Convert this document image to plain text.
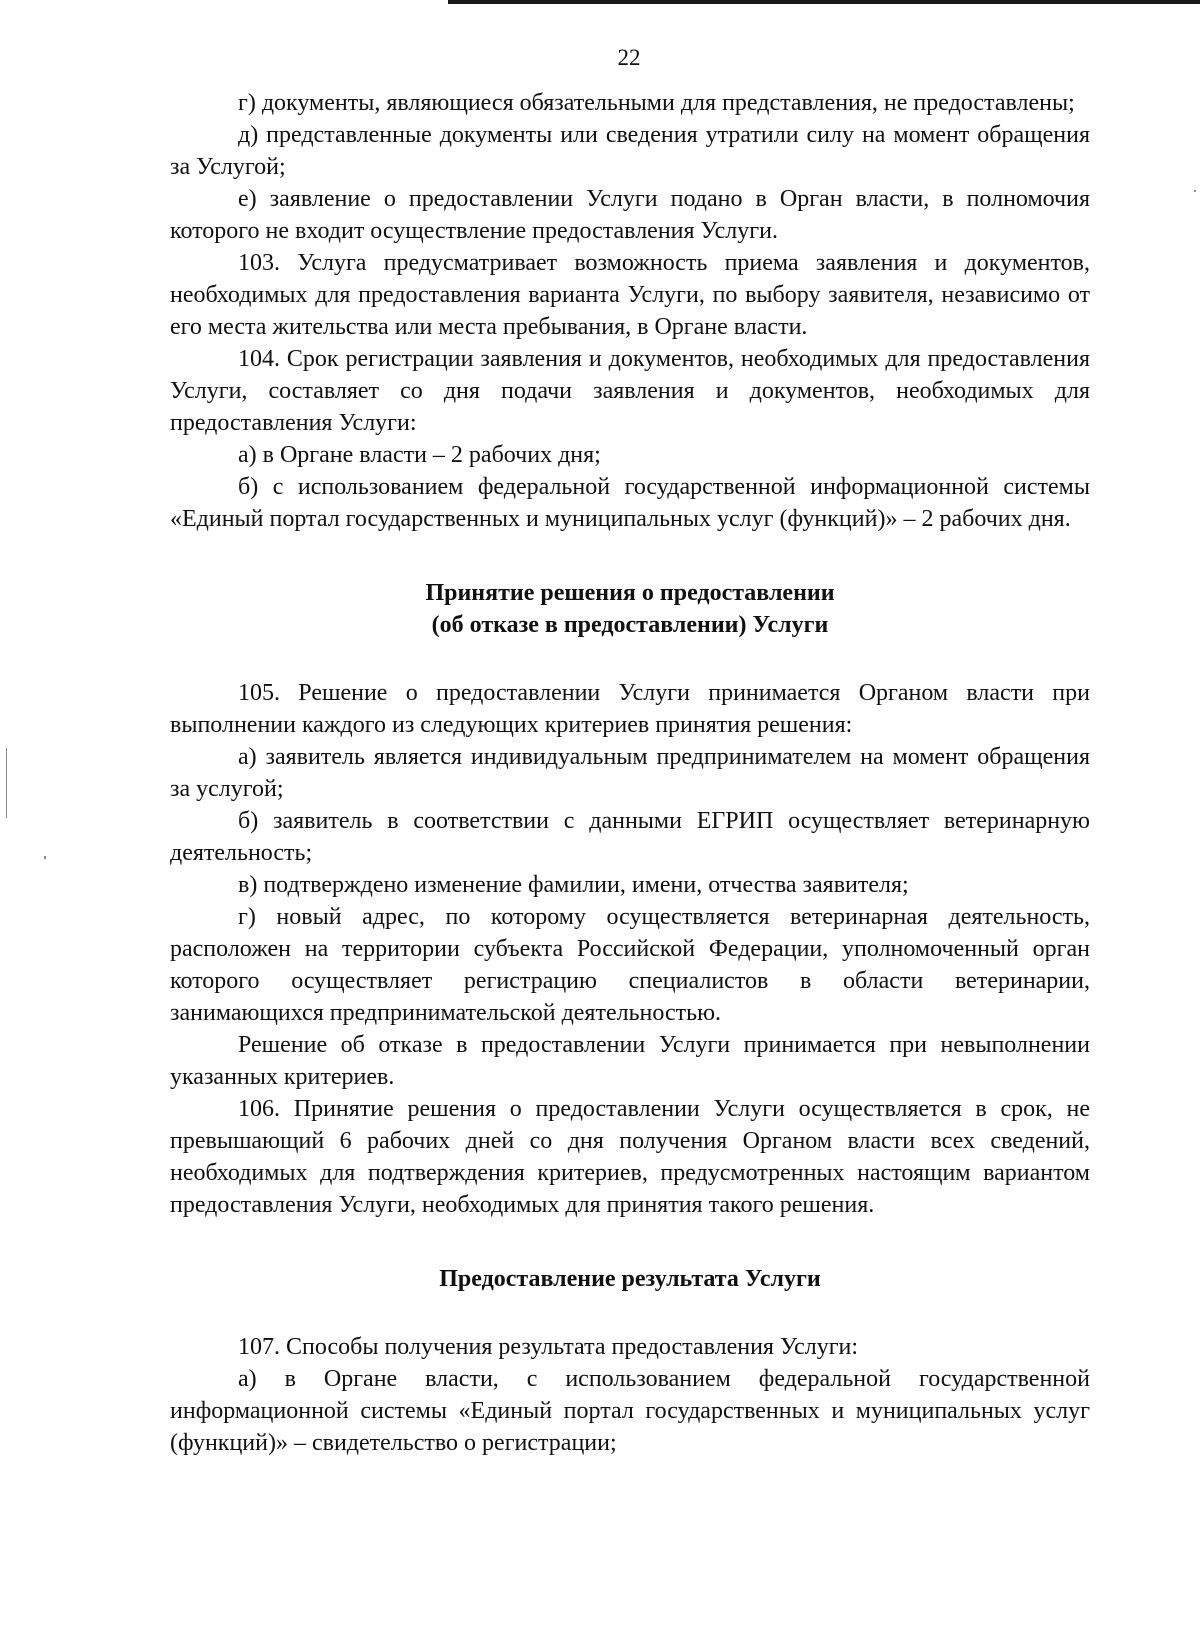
22

г) документы, являющиеся обязательными для представления, не предоставлены;

д) представленные документы или сведения утратили силу на момент обращения за Услугой;

е) заявление о предоставлении Услуги подано в Орган власти, в полномочия которого не входит осуществление предоставления Услуги.

103. Услуга предусматривает возможность приема заявления и документов, необходимых для предоставления варианта Услуги, по выбору заявителя, независимо от его места жительства или места пребывания, в Органе власти.

104. Срок регистрации заявления и документов, необходимых для предоставления Услуги, составляет со дня подачи заявления и документов, необходимых для предоставления Услуги:

а) в Органе власти – 2 рабочих дня;

б) с использованием федеральной государственной информационной системы «Единый портал государственных и муниципальных услуг (функций)» – 2 рабочих дня.

Принятие решения о предоставлении
(об отказе в предоставлении) Услуги

105. Решение о предоставлении Услуги принимается Органом власти при выполнении каждого из следующих критериев принятия решения:

а) заявитель является индивидуальным предпринимателем на момент обращения за услугой;

б) заявитель в соответствии с данными ЕГРИП осуществляет ветеринарную деятельность;

в) подтверждено изменение фамилии, имени, отчества заявителя;

г) новый адрес, по которому осуществляется ветеринарная деятельность, расположен на территории субъекта Российской Федерации, уполномоченный орган которого осуществляет регистрацию специалистов в области ветеринарии, занимающихся предпринимательской деятельностью.

Решение об отказе в предоставлении Услуги принимается при невыполнении указанных критериев.

106. Принятие решения о предоставлении Услуги осуществляется в срок, не превышающий 6 рабочих дней со дня получения Органом власти всех сведений, необходимых для подтверждения критериев, предусмотренных настоящим вариантом предоставления Услуги, необходимых для принятия такого решения.

Предоставление результата Услуги

107. Способы получения результата предоставления Услуги:

а) в Органе власти, с использованием федеральной государственной информационной системы «Единый портал государственных и муниципальных услуг (функций)» – свидетельство о регистрации;
